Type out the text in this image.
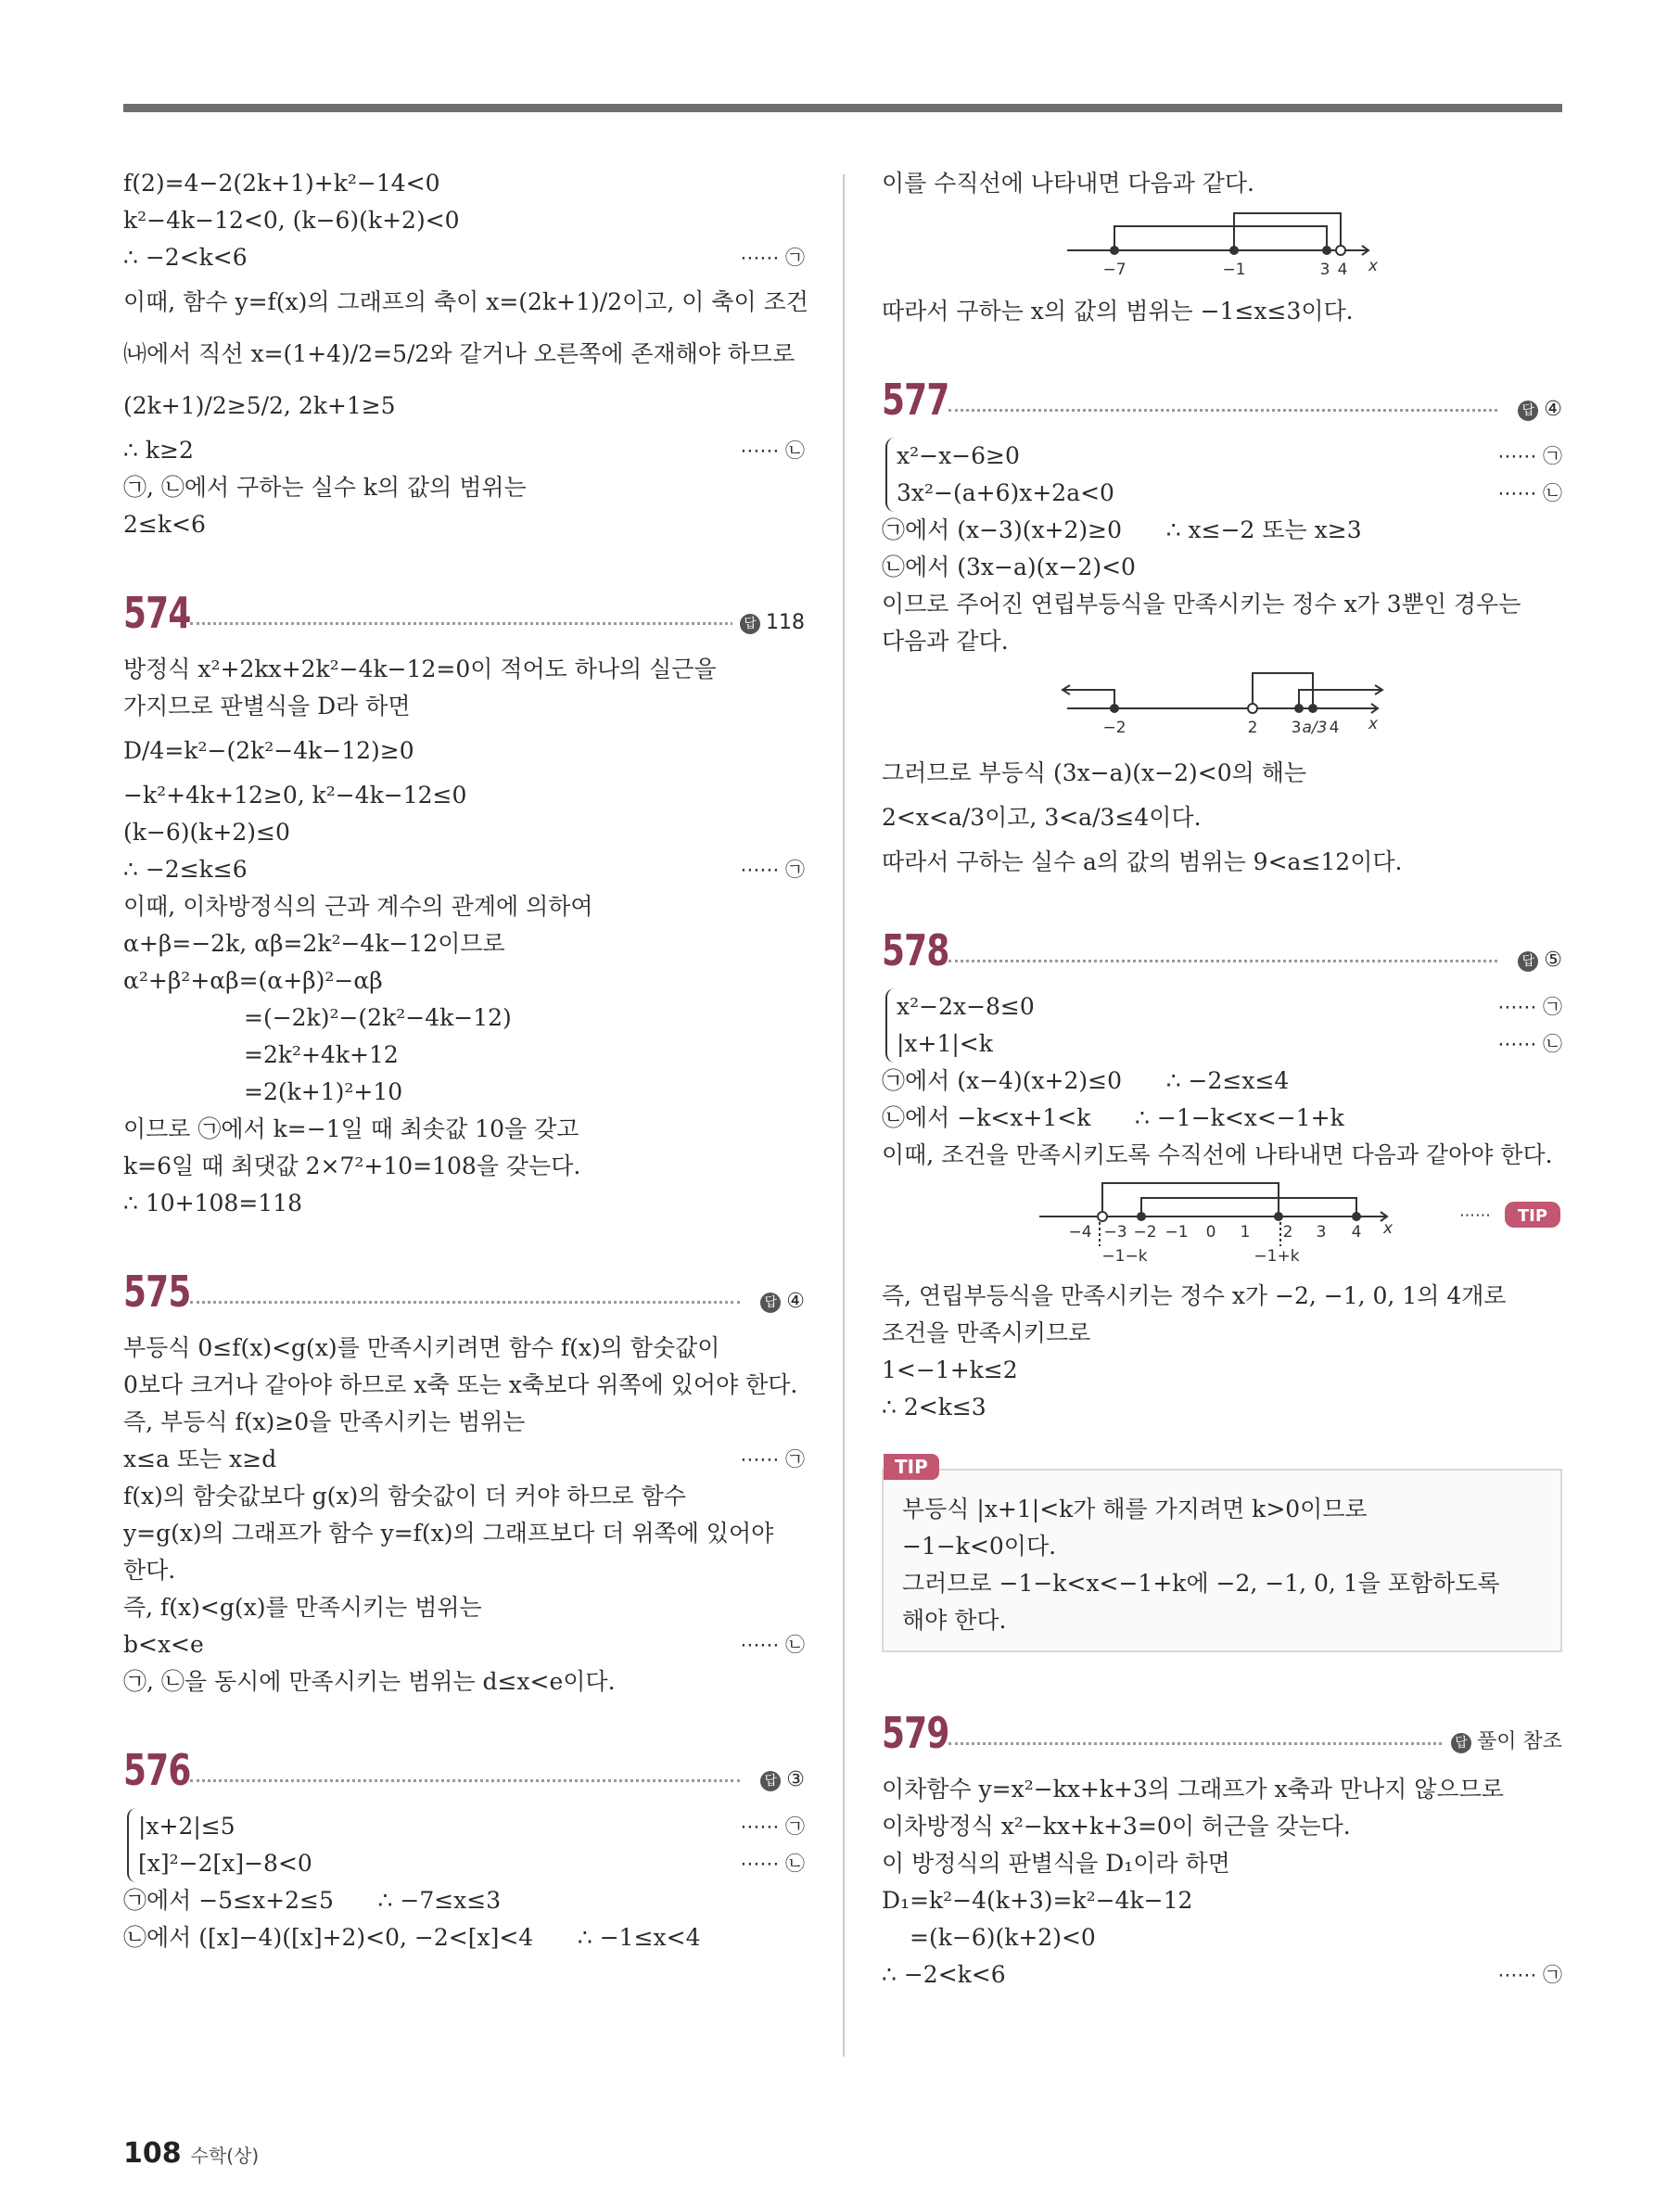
f(2)=4−2(2k+1)+k²−14<0
k²−4k−12<0, (k−6)(k+2)<0
∴ −2<k<6	⋯⋯ ㉠
이때, 함수 y=f(x)의 그래프의 축이 x=(2k+1)/2이고, 이 축이 조건
㈏에서 직선 x=(1+4)/2=5/2와 같거나 오른쪽에 존재해야 하므로
(2k+1)/2≥5/2, 2k+1≥5
∴ k≥2	⋯⋯ ㉡
㉠, ㉡에서 구하는 실수 k의 값의 범위는
2≤k<6
574	답 118
방정식 x²+2kx+2k²−4k−12=0이 적어도 하나의 실근을
가지므로 판별식을 D라 하면
D/4=k²−(2k²−4k−12)≥0
−k²+4k+12≥0, k²−4k−12≤0
(k−6)(k+2)≤0
∴ −2≤k≤6	⋯⋯ ㉠
이때, 이차방정식의 근과 계수의 관계에 의하여
α+β=−2k, αβ=2k²−4k−12이므로
α²+β²+αβ=(α+β)²−αβ
=(−2k)²−(2k²−4k−12)
=2k²+4k+12
=2(k+1)²+10
이므로 ㉠에서 k=−1일 때 최솟값 10을 갖고
k=6일 때 최댓값 2×7²+10=108을 갖는다.
∴ 10+108=118
575	답 ④
부등식 0≤f(x)<g(x)를 만족시키려면 함수 f(x)의 함숫값이
0보다 크거나 같아야 하므로 x축 또는 x축보다 위쪽에 있어야 한다.
즉, 부등식 f(x)≥0을 만족시키는 범위는
x≤a 또는 x≥d	⋯⋯ ㉠
f(x)의 함숫값보다 g(x)의 함숫값이 더 커야 하므로 함수
y=g(x)의 그래프가 함수 y=f(x)의 그래프보다 더 위쪽에 있어야
한다.
즉, f(x)<g(x)를 만족시키는 범위는
b<x<e	⋯⋯ ㉡
㉠, ㉡을 동시에 만족시키는 범위는 d≤x<e이다.
576	답 ③
|x+2|≤5	⋯⋯ ㉠
[x]²−2[x]−8<0	⋯⋯ ㉡
㉠에서 −5≤x+2≤5      ∴ −7≤x≤3
㉡에서 ([x]−4)([x]+2)<0, −2<[x]<4      ∴ −1≤x<4
이를 수직선에 나타내면 다음과 같다.
−7	−1	3 4 x
따라서 구하는 x의 값의 범위는 −1≤x≤3이다.
577	답 ④
x²−x−6≥0	⋯⋯ ㉠
3x²−(a+6)x+2a<0	⋯⋯ ㉡
㉠에서 (x−3)(x+2)≥0      ∴ x≤−2 또는 x≥3
㉡에서 (3x−a)(x−2)<0
이므로 주어진 연립부등식을 만족시키는 정수 x가 3뿐인 경우는
다음과 같다.
−2	2 3 a/3 4 x
그러므로 부등식 (3x−a)(x−2)<0의 해는
2<x<a/3이고, 3<a/3≤4이다.
따라서 구하는 실수 a의 값의 범위는 9<a≤12이다.
578	답 ⑤
x²−2x−8≤0	⋯⋯ ㉠
|x+1|<k	⋯⋯ ㉡
㉠에서 (x−4)(x+2)≤0      ∴ −2≤x≤4
㉡에서 −k<x+1<k      ∴ −1−k<x<−1+k
이때, 조건을 만족시키도록 수직선에 나타내면 다음과 같아야 한다.
−4 −3 −2 −1 0 1 2 3 4 x
−1−k	−1+k
⋯⋯ TIP
즉, 연립부등식을 만족시키는 정수 x가 −2, −1, 0, 1의 4개로
조건을 만족시키므로
1<−1+k≤2
∴ 2<k≤3
TIP
부등식 |x+1|<k가 해를 가지려면 k>0이므로
−1−k<0이다.
그러므로 −1−k<x<−1+k에 −2, −1, 0, 1을 포함하도록
해야 한다.
579	답 풀이 참조
이차함수 y=x²−kx+k+3의 그래프가 x축과 만나지 않으므로
이차방정식 x²−kx+k+3=0이 허근을 갖는다.
이 방정식의 판별식을 D₁이라 하면
D₁=k²−4(k+3)=k²−4k−12
=(k−6)(k+2)<0
∴ −2<k<6	⋯⋯ ㉠
108 수학(상)
